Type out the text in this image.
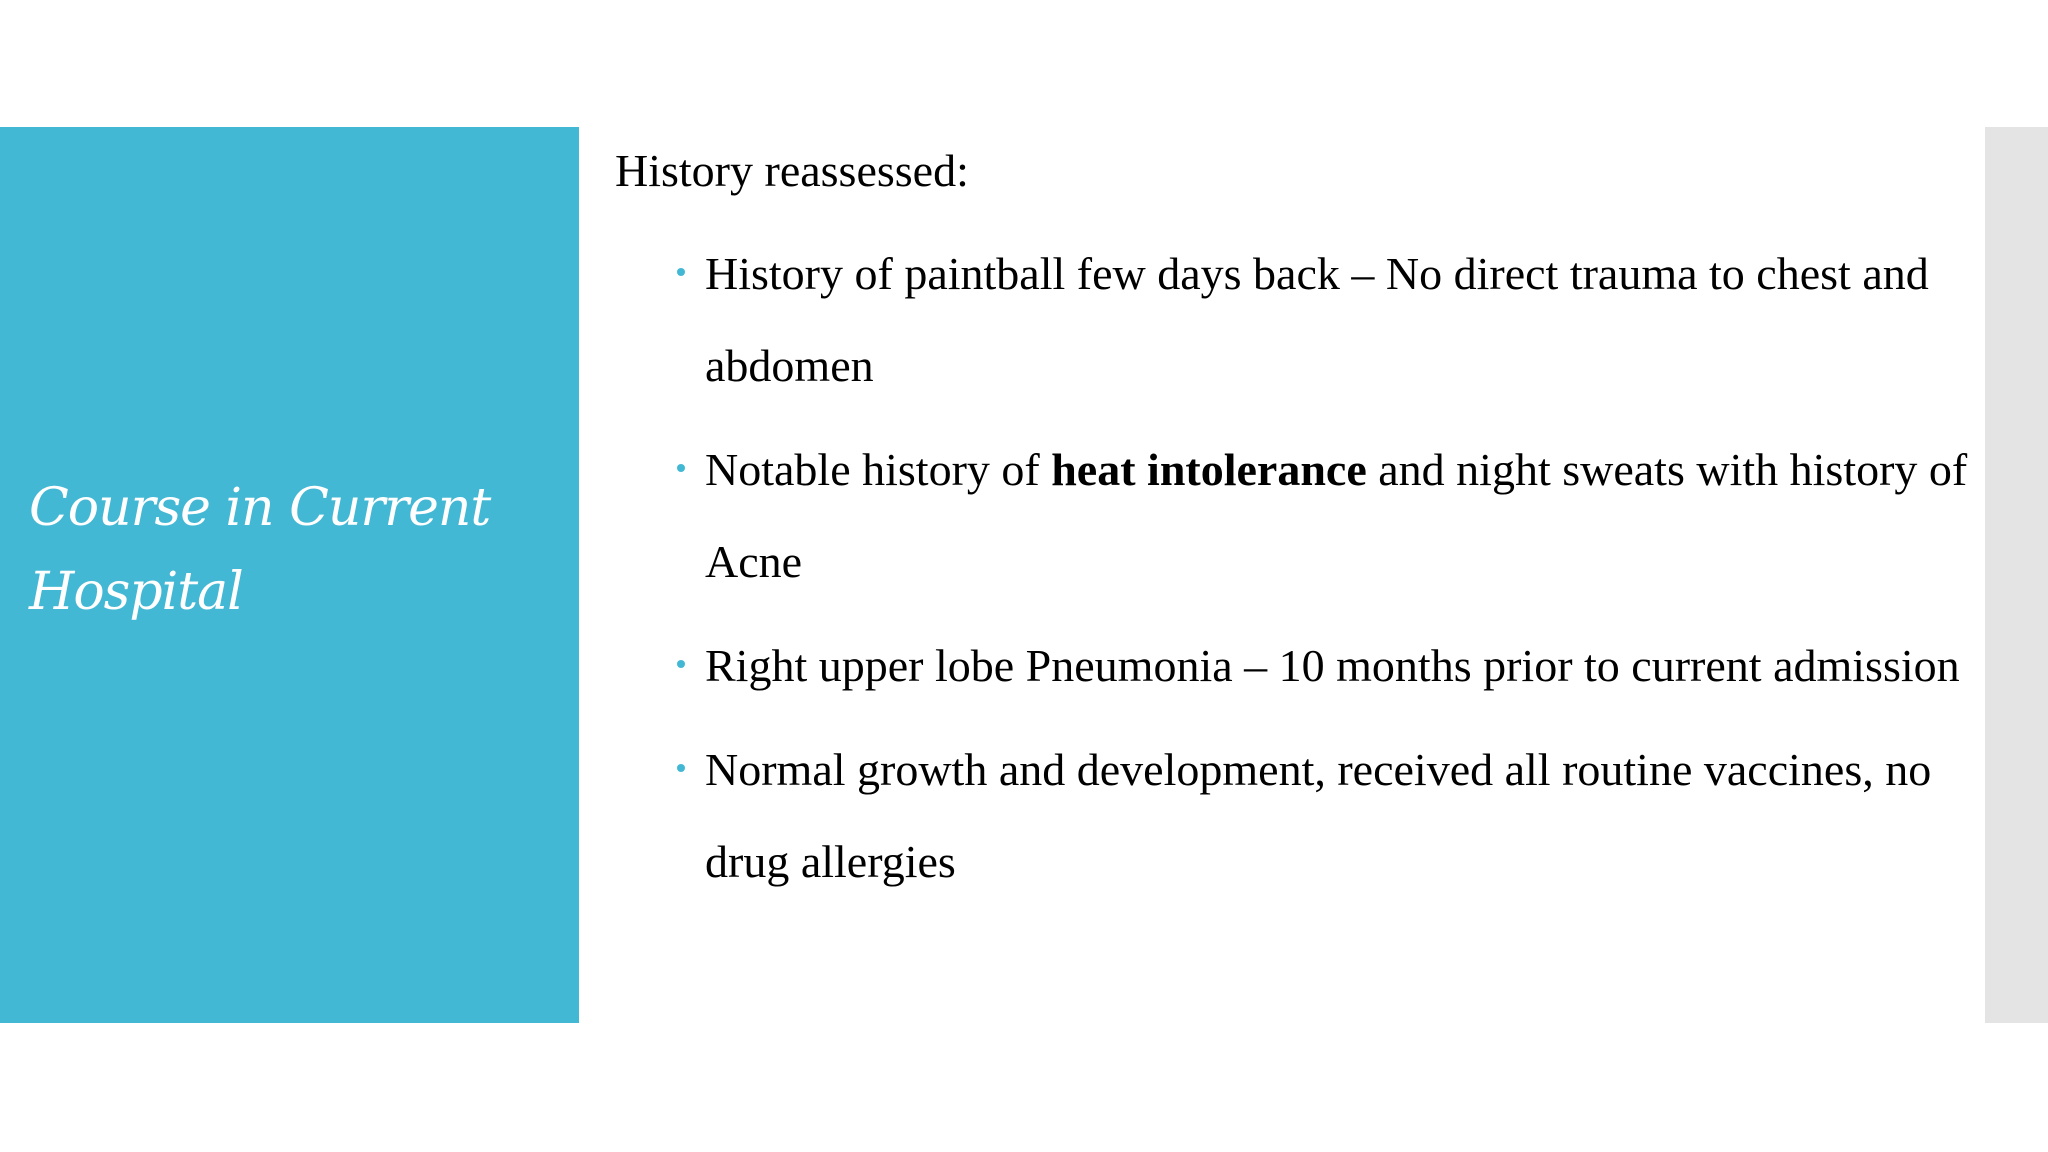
Course in Current Hospital
History reassessed:
History of paintball few days back – No direct trauma to chest and abdomen
Notable history of heat intolerance and night sweats with history of Acne
Right upper lobe Pneumonia – 10 months prior to current admission
Normal growth and development, received all routine vaccines, no drug allergies
